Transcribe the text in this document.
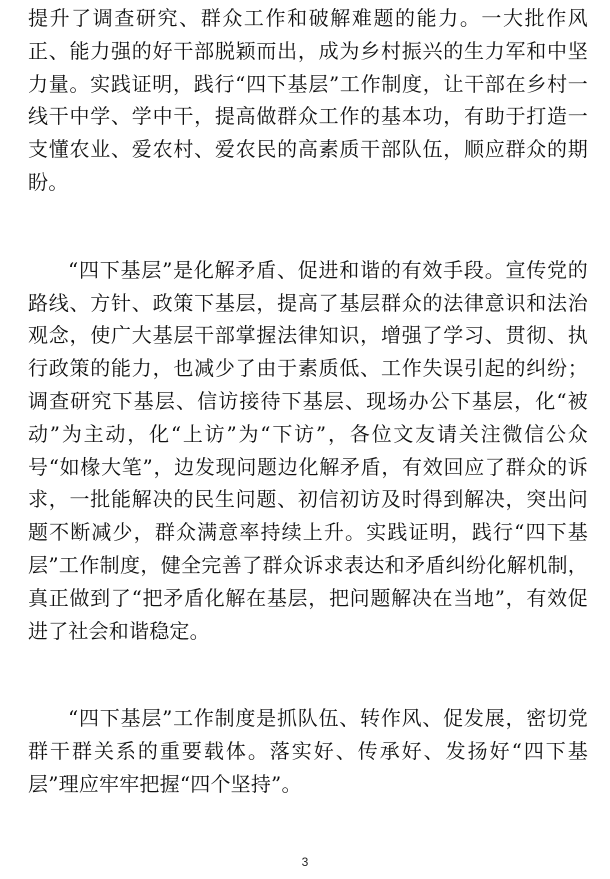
提升了调查研究、群众工作和破解难题的能力。一大批作风正、能力强的好干部脱颖而出，成为乡村振兴的生力军和中坚力量。实践证明，践行“四下基层”工作制度，让干部在乡村一线干中学、学中干，提高做群众工作的基本功，有助于打造一支懂农业、爱农村、爱农民的高素质干部队伍，顺应群众的期盼。

“四下基层”是化解矛盾、促进和谐的有效手段。宣传党的路线、方针、政策下基层，提高了基层群众的法律意识和法治观念，使广大基层干部掌握法律知识，增强了学习、贯彻、执行政策的能力，也减少了由于素质低、工作失误引起的纠纷；调查研究下基层、信访接待下基层、现场办公下基层，化“被动”为主动，化“上访”为“下访”，各位文友请关注微信公众号“如椽大笔”，边发现问题边化解矛盾，有效回应了群众的诉求，一批能解决的民生问题、初信初访及时得到解决，突出问题不断减少，群众满意率持续上升。实践证明，践行“四下基层”工作制度，健全完善了群众诉求表达和矛盾纠纷化解机制，真正做到了“把矛盾化解在基层，把问题解决在当地”，有效促进了社会和谐稳定。

“四下基层”工作制度是抓队伍、转作风、促发展，密切党群干群关系的重要载体。落实好、传承好、发扬好“四下基层”理应牢牢把握“四个坚持”。

3
